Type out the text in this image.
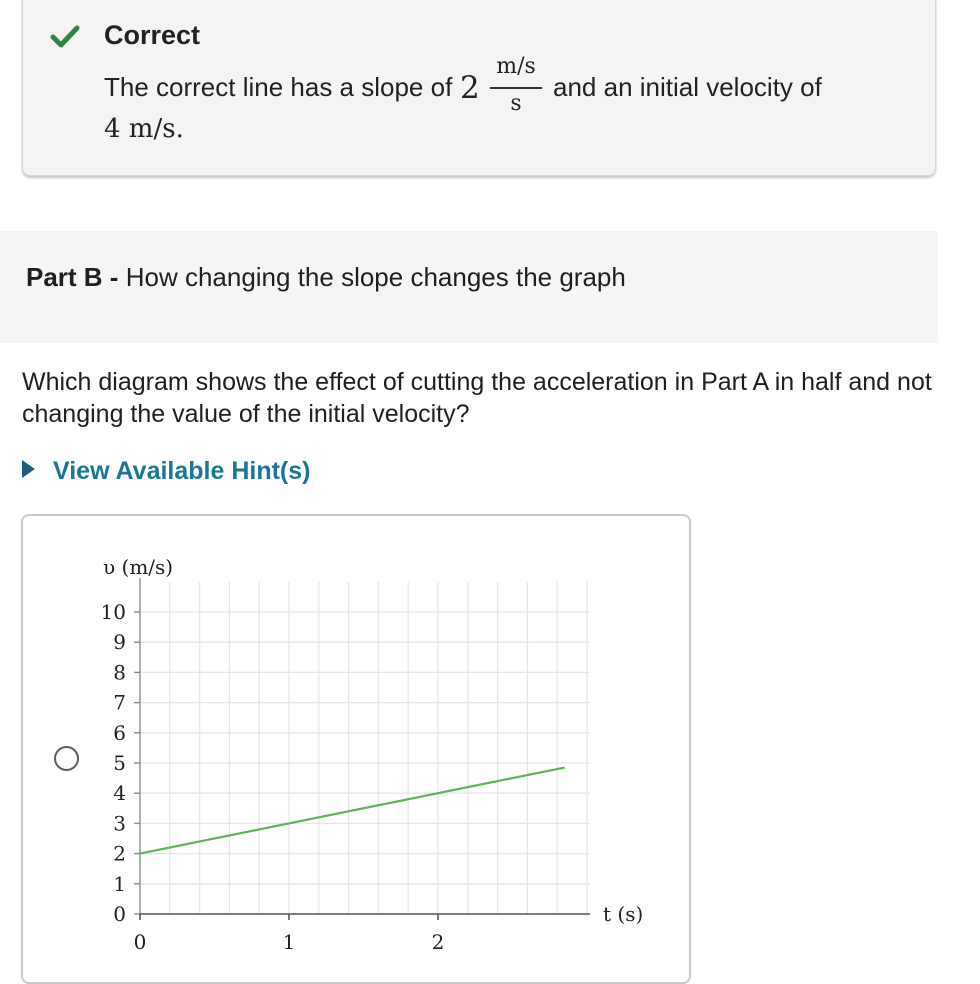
Correct
The correct line has a slope of 2
m/s
s
and an initial velocity of
4 m/s.
Part B - How changing the slope changes the graph
Which diagram shows the effect of cutting the acceleration in Part A in half and not changing the value of the initial velocity?
View Available Hint(s)
0
1
2
3
4
5
6
7
8
9
10
0	1	2
υ (m/s)
t (s)
